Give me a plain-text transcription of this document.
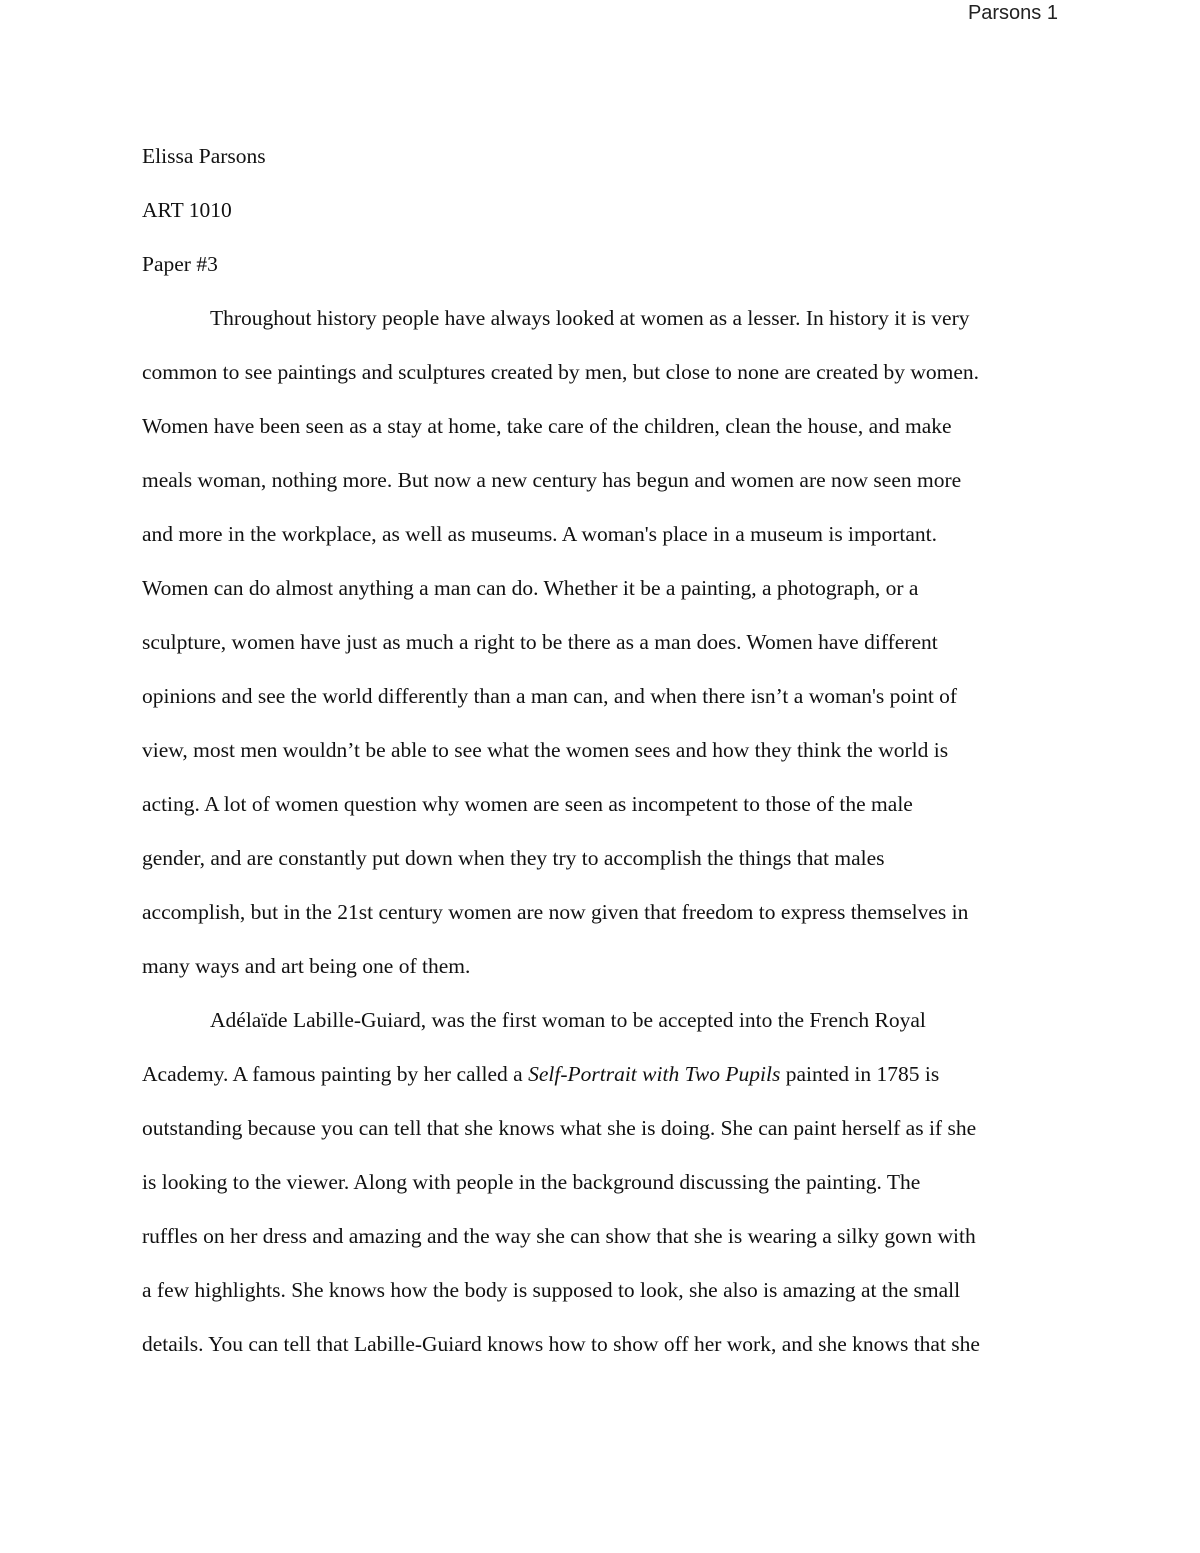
Parsons 1
Elissa Parsons
ART 1010
Paper #3
Throughout history people have always looked at women as a lesser. In history it is very
common to see paintings and sculptures created by men, but close to none are created by women.
Women have been seen as a stay at home, take care of the children, clean the house, and make
meals woman, nothing more. But now a new century has begun and women are now seen more
and more in the workplace, as well as museums. A woman's place in a museum is important.
Women can do almost anything a man can do. Whether it be a painting, a photograph, or a
sculpture, women have just as much a right to be there as a man does. Women have different
opinions and see the world differently than a man can, and when there isn’t a woman's point of
view, most men wouldn’t be able to see what the women sees and how they think the world is
acting. A lot of women question why women are seen as incompetent to those of the male
gender, and are constantly put down when they try to accomplish the things that males
accomplish, but in the 21st century women are now given that freedom to express themselves in
many ways and art being one of them.
Adélaïde Labille-Guiard, was the first woman to be accepted into the French Royal
Academy. A famous painting by her called a Self-Portrait with Two Pupils painted in 1785 is
outstanding because you can tell that she knows what she is doing. She can paint herself as if she
is looking to the viewer. Along with people in the background discussing the painting. The
ruffles on her dress and amazing and the way she can show that she is wearing a silky gown with
a few highlights. She knows how the body is supposed to look, she also is amazing at the small
details. You can tell that Labille-Guiard knows how to show off her work, and she knows that she
